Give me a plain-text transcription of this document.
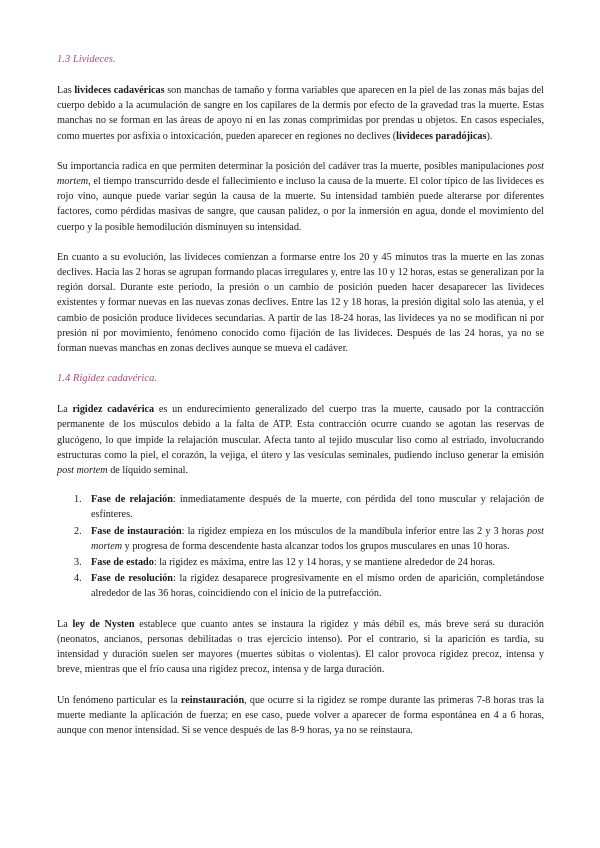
1.3 Livideces.

Las livideces cadavéricas son manchas de tamaño y forma variables que aparecen en la piel de las zonas más bajas del cuerpo debido a la acumulación de sangre en los capilares de la dermis por efecto de la gravedad tras la muerte. Estas manchas no se forman en las áreas de apoyo ni en las zonas comprimidas por prendas u objetos. En casos especiales, como muertes por asfixia o intoxicación, pueden aparecer en regiones no declives (livideces paradójicas).

Su importancia radica en que permiten determinar la posición del cadáver tras la muerte, posibles manipulaciones post mortem, el tiempo transcurrido desde el fallecimiento e incluso la causa de la muerte. El color típico de las livideces es rojo vino, aunque puede variar según la causa de la muerte. Su intensidad también puede alterarse por diferentes factores, como pérdidas masivas de sangre, que causan palidez, o por la inmersión en agua, donde el movimiento del cuerpo y la posible hemodilución disminuyen su intensidad.

En cuanto a su evolución, las livideces comienzan a formarse entre los 20 y 45 minutos tras la muerte en las zonas declives. Hacia las 2 horas se agrupan formando placas irregulares y, entre las 10 y 12 horas, estas se generalizan por la región dorsal. Durante este periodo, la presión o un cambio de posición pueden hacer desaparecer las livideces existentes y formar nuevas en las nuevas zonas declives. Entre las 12 y 18 horas, la presión digital solo las atenúa, y el cambio de posición produce livideces secundarias. A partir de las 18-24 horas, las livideces ya no se modifican ni por presión ni por movimiento, fenómeno conocido como fijación de las livideces. Después de las 24 horas, ya no se forman nuevas manchas en zonas declives aunque se mueva el cadáver.

1.4 Rigidez cadavérica.

La rigidez cadavérica es un endurecimiento generalizado del cuerpo tras la muerte, causado por la contracción permanente de los músculos debido a la falta de ATP. Esta contracción ocurre cuando se agotan las reservas de glucógeno, lo que impide la relajación muscular. Afecta tanto al tejido muscular liso como al estriado, involucrando estructuras como la piel, el corazón, la vejiga, el útero y las vesículas seminales, pudiendo incluso generar la emisión post mortem de líquido seminal.

1. Fase de relajación: inmediatamente después de la muerte, con pérdida del tono muscular y relajación de esfínteres.
2. Fase de instauración: la rigidez empieza en los músculos de la mandíbula inferior entre las 2 y 3 horas post mortem y progresa de forma descendente hasta alcanzar todos los grupos musculares en unas 10 horas.
3. Fase de estado: la rigidez es máxima, entre las 12 y 14 horas, y se mantiene alrededor de 24 horas.
4. Fase de resolución: la rigidez desaparece progresivamente en el mismo orden de aparición, completándose alrededor de las 36 horas, coincidiendo con el inicio de la putrefacción.

La ley de Nysten establece que cuanto antes se instaura la rigidez y más débil es, más breve será su duración (neonatos, ancianos, personas debilitadas o tras ejercicio intenso). Por el contrario, si la aparición es tardía, su intensidad y duración suelen ser mayores (muertes súbitas o violentas). El calor provoca rigidez precoz, intensa y breve, mientras que el frío causa una rigidez precoz, intensa y de larga duración.

Un fenómeno particular es la reinstauración, que ocurre si la rigidez se rompe durante las primeras 7-8 horas tras la muerte mediante la aplicación de fuerza; en ese caso, puede volver a aparecer de forma espontánea en 4 a 6 horas, aunque con menor intensidad. Si se vence después de las 8-9 horas, ya no se reinstaura.
